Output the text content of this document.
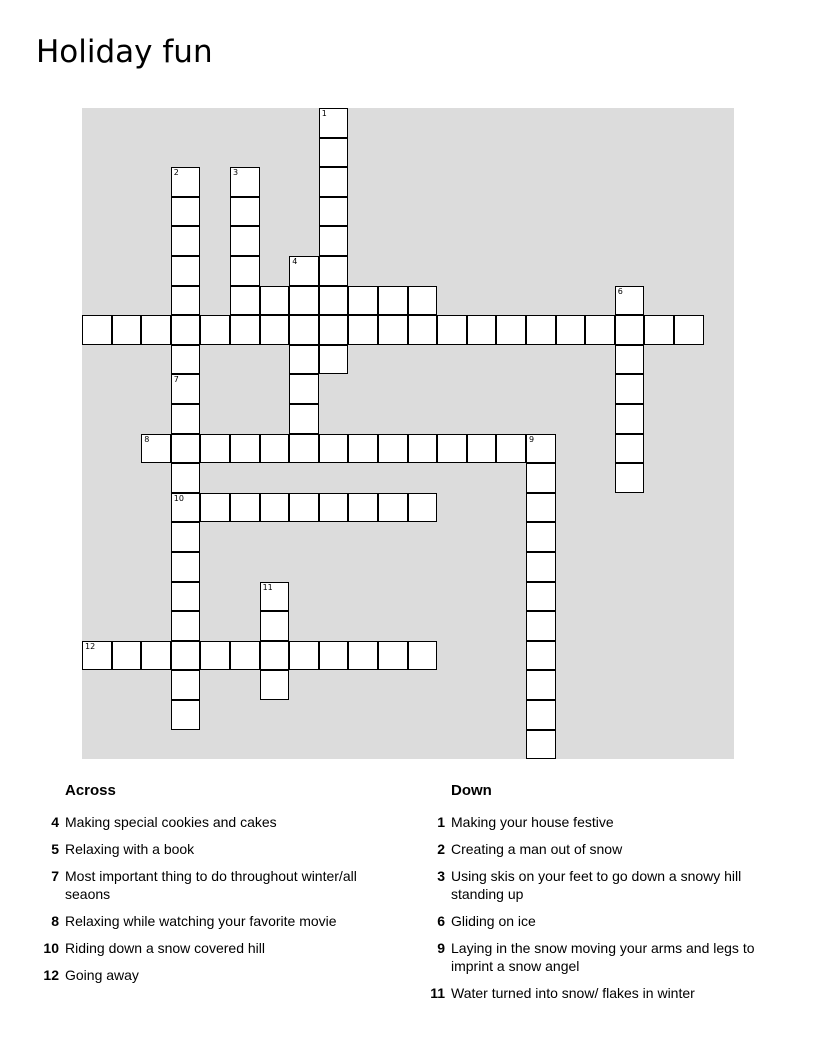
Holiday fun
1
2
7
10
3
4
8	9
6
11
12
Across
4 Making special cookies and cakes
5 Relaxing with a book
7 Most important thing to do throughout winter/all seaons
8 Relaxing while watching your favorite movie
10 Riding down a snow covered hill
12 Going away
Down
1 Making your house festive
2 Creating a man out of snow
3 Using skis on your feet to go down a snowy hill standing up
6 Gliding on ice
9 Laying in the snow moving your arms and legs to imprint a snow angel
11 Water turned into snow/ flakes in winter
